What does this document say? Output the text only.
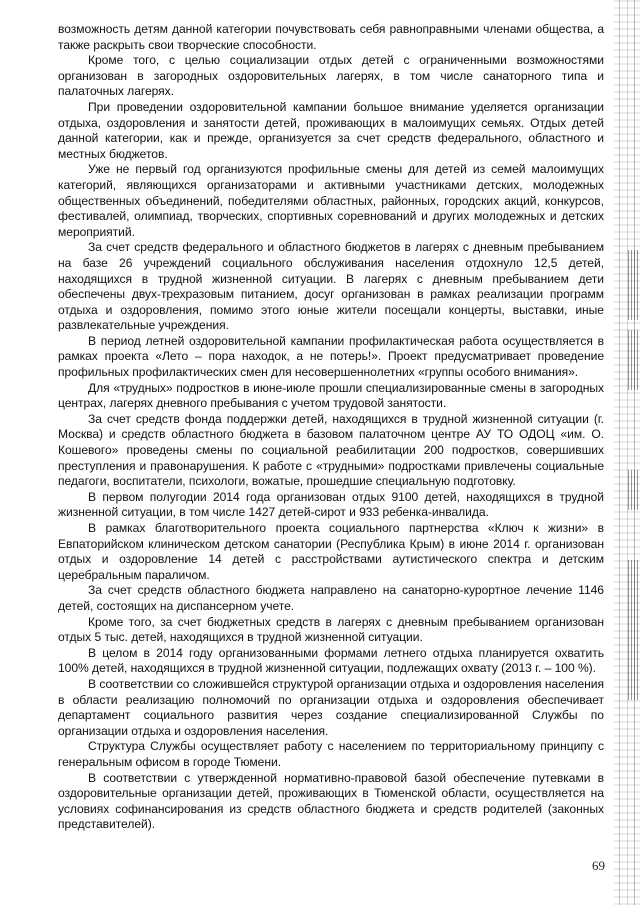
возможность детям данной категории почувствовать себя равноправными членами общества, а также раскрыть свои творческие способности.

Кроме того, с целью социализации отдых детей с ограниченными возможностями организован в загородных оздоровительных лагерях, в том числе санаторного типа и палаточных лагерях.

При проведении оздоровительной кампании большое внимание уделяется организации отдыха, оздоровления и занятости детей, проживающих в малоимущих семьях. Отдых детей данной категории, как и прежде, организуется за счет средств федерального, областного и местных бюджетов.

Уже не первый год организуются профильные смены для детей из семей малоимущих категорий, являющихся организаторами и активными участниками детских, молодежных общественных объединений, победителями областных, районных, городских акций, конкурсов, фестивалей, олимпиад, творческих, спортивных соревнований и других молодежных и детских мероприятий.

За счет средств федерального и областного бюджетов в лагерях с дневным пребыванием на базе 26 учреждений социального обслуживания населения отдохнуло 12,5 детей, находящихся в трудной жизненной ситуации. В лагерях с дневным пребыванием дети обеспечены двух-трехразовым питанием, досуг организован в рамках реализации программ отдыха и оздоровления, помимо этого юные жители посещали концерты, выставки, иные развлекательные учреждения.

В период летней оздоровительной кампании профилактическая работа осуществляется в рамках проекта «Лето – пора находок, а не потерь!». Проект предусматривает проведение профильных профилактических смен для несовершеннолетних «группы особого внимания».

Для «трудных» подростков в июне-июле прошли специализированные смены в загородных центрах, лагерях дневного пребывания с учетом трудовой занятости.

За счет средств фонда поддержки детей, находящихся в трудной жизненной ситуации (г. Москва) и средств областного бюджета в базовом палаточном центре АУ ТО ОДОЦ «им. О. Кошевого» проведены смены по социальной реабилитации 200 подростков, совершивших преступления и правонарушения. К работе с «трудными» подростками привлечены социальные педагоги, воспитатели, психологи, вожатые, прошедшие специальную подготовку.

В первом полугодии 2014 года организован отдых 9100 детей, находящихся в трудной жизненной ситуации, в том числе 1427 детей-сирот и 933 ребенка-инвалида.

В рамках благотворительного проекта социального партнерства «Ключ к жизни» в Евпаторийском клиническом детском санатории (Республика Крым) в июне 2014 г. организован отдых и оздоровление 14 детей с расстройствами аутистического спектра и детским церебральным параличом.

За счет средств областного бюджета направлено на санаторно-курортное лечение 1146 детей, состоящих на диспансерном учете.

Кроме того, за счет бюджетных средств в лагерях с дневным пребыванием организован отдых 5 тыс. детей, находящихся в трудной жизненной ситуации.

В целом в 2014 году организованными формами летнего отдыха планируется охватить 100% детей, находящихся в трудной жизненной ситуации, подлежащих охвату (2013 г. – 100 %).

В соответствии со сложившейся структурой организации отдыха и оздоровления населения в области реализацию полномочий по организации отдыха и оздоровления обеспечивает департамент социального развития через создание специализированной Службы по организации отдыха и оздоровления населения.

Структура Службы осуществляет работу с населением по территориальному принципу с генеральным офисом в городе Тюмени.

В соответствии с утвержденной нормативно-правовой базой обеспечение путевками в оздоровительные организации детей, проживающих в Тюменской области, осуществляется на условиях софинансирования из средств областного бюджета и средств родителей (законных представителей).

69
